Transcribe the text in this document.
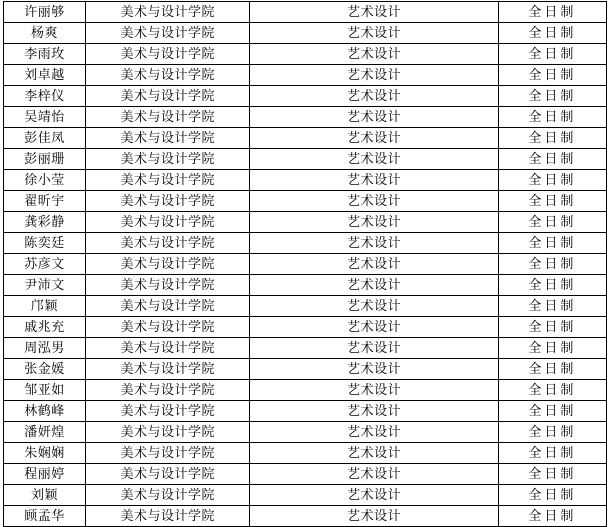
许丽够	美术与设计学院	艺术设计	全日制
杨爽	美术与设计学院	艺术设计	全日制
李雨玫	美术与设计学院	艺术设计	全日制
刘卓越	美术与设计学院	艺术设计	全日制
李梓仪	美术与设计学院	艺术设计	全日制
吴靖怡	美术与设计学院	艺术设计	全日制
彭佳凤	美术与设计学院	艺术设计	全日制
彭丽珊	美术与设计学院	艺术设计	全日制
徐小莹	美术与设计学院	艺术设计	全日制
翟昕宇	美术与设计学院	艺术设计	全日制
龚彩静	美术与设计学院	艺术设计	全日制
陈奕廷	美术与设计学院	艺术设计	全日制
苏彦文	美术与设计学院	艺术设计	全日制
尹沛文	美术与设计学院	艺术设计	全日制
邝颖	美术与设计学院	艺术设计	全日制
戚兆充	美术与设计学院	艺术设计	全日制
周泓男	美术与设计学院	艺术设计	全日制
张金媛	美术与设计学院	艺术设计	全日制
邹亚如	美术与设计学院	艺术设计	全日制
林鹤峰	美术与设计学院	艺术设计	全日制
潘妍煌	美术与设计学院	艺术设计	全日制
朱娴娴	美术与设计学院	艺术设计	全日制
程丽婷	美术与设计学院	艺术设计	全日制
刘颖	美术与设计学院	艺术设计	全日制
顾孟华	美术与设计学院	艺术设计	全日制
